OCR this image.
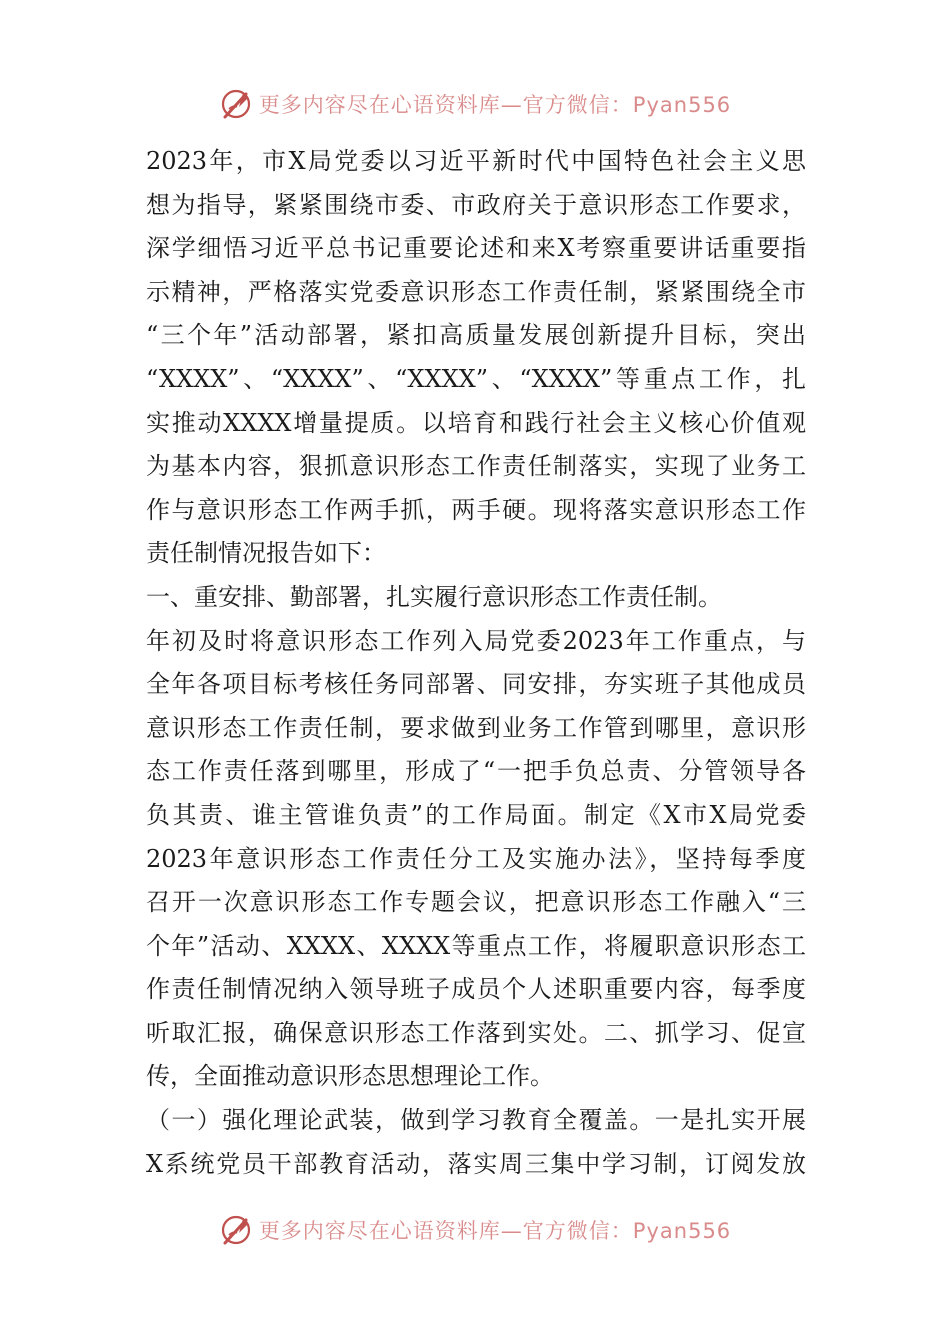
更多内容尽在心语资料库—官方微信：Pyan556
2023年，市X局党委以习近平新时代中国特色社会主义思
想为指导，紧紧围绕市委、市政府关于意识形态工作要求，
深学细悟习近平总书记重要论述和来X考察重要讲话重要指
示精神，严格落实党委意识形态工作责任制，紧紧围绕全市
“三个年”活动部署，紧扣高质量发展创新提升目标，突出
“XXXX”、“XXXX”、“XXXX”、“XXXX”等重点工作，扎
实推动XXXX增量提质。以培育和践行社会主义核心价值观
为基本内容，狠抓意识形态工作责任制落实，实现了业务工
作与意识形态工作两手抓，两手硬。现将落实意识形态工作
责任制情况报告如下：
一、重安排、勤部署，扎实履行意识形态工作责任制。
年初及时将意识形态工作列入局党委2023年工作重点，与
全年各项目标考核任务同部署、同安排，夯实班子其他成员
意识形态工作责任制，要求做到业务工作管到哪里，意识形
态工作责任落到哪里，形成了“一把手负总责、分管领导各
负其责、谁主管谁负责”的工作局面。制定《X市X局党委
2023年意识形态工作责任分工及实施办法》，坚持每季度
召开一次意识形态工作专题会议，把意识形态工作融入“三
个年”活动、XXXX、XXXX等重点工作，将履职意识形态工
作责任制情况纳入领导班子成员个人述职重要内容，每季度
听取汇报，确保意识形态工作落到实处。二、抓学习、促宣
传，全面推动意识形态思想理论工作。
（一）强化理论武装，做到学习教育全覆盖。一是扎实开展
X系统党员干部教育活动，落实周三集中学习制，订阅发放
更多内容尽在心语资料库—官方微信：Pyan556
